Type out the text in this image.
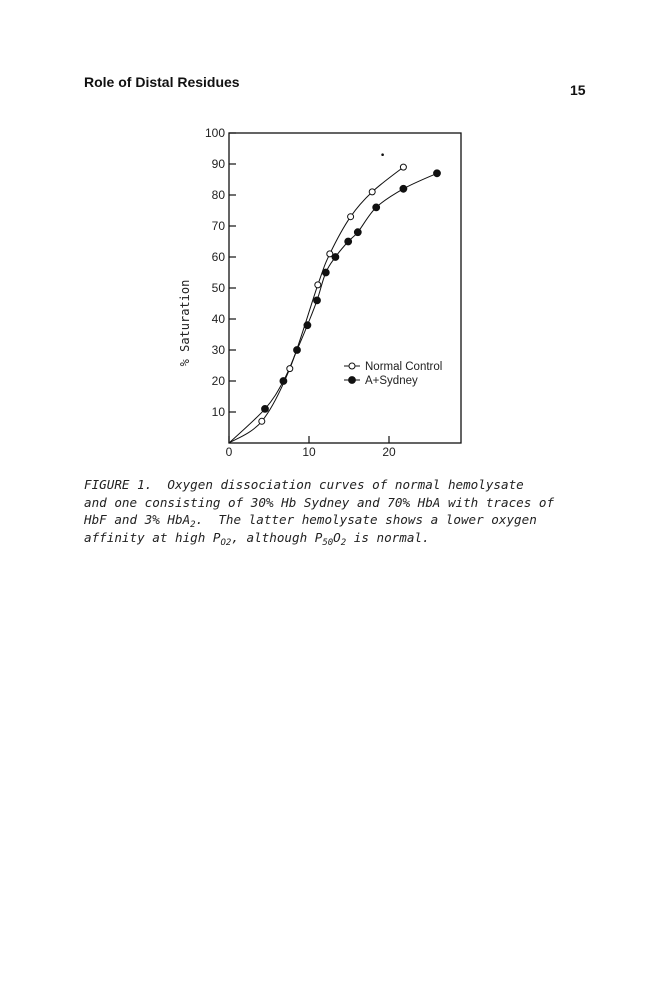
Role of Distal Residues	15
10
20
30
40
50
60
70
80
90
100
0	10	20
% Saturation
Normal Control
A+Sydney
FIGURE 1.  Oxygen dissociation curves of normal hemolysate
and one consisting of 30% Hb Sydney and 70% HbA with traces of
HbF and 3% HbA$_2$.  The latter hemolysate shows a lower oxygen
affinity at high $P_{O2}$, although $P_{50}O_2$ is normal.
